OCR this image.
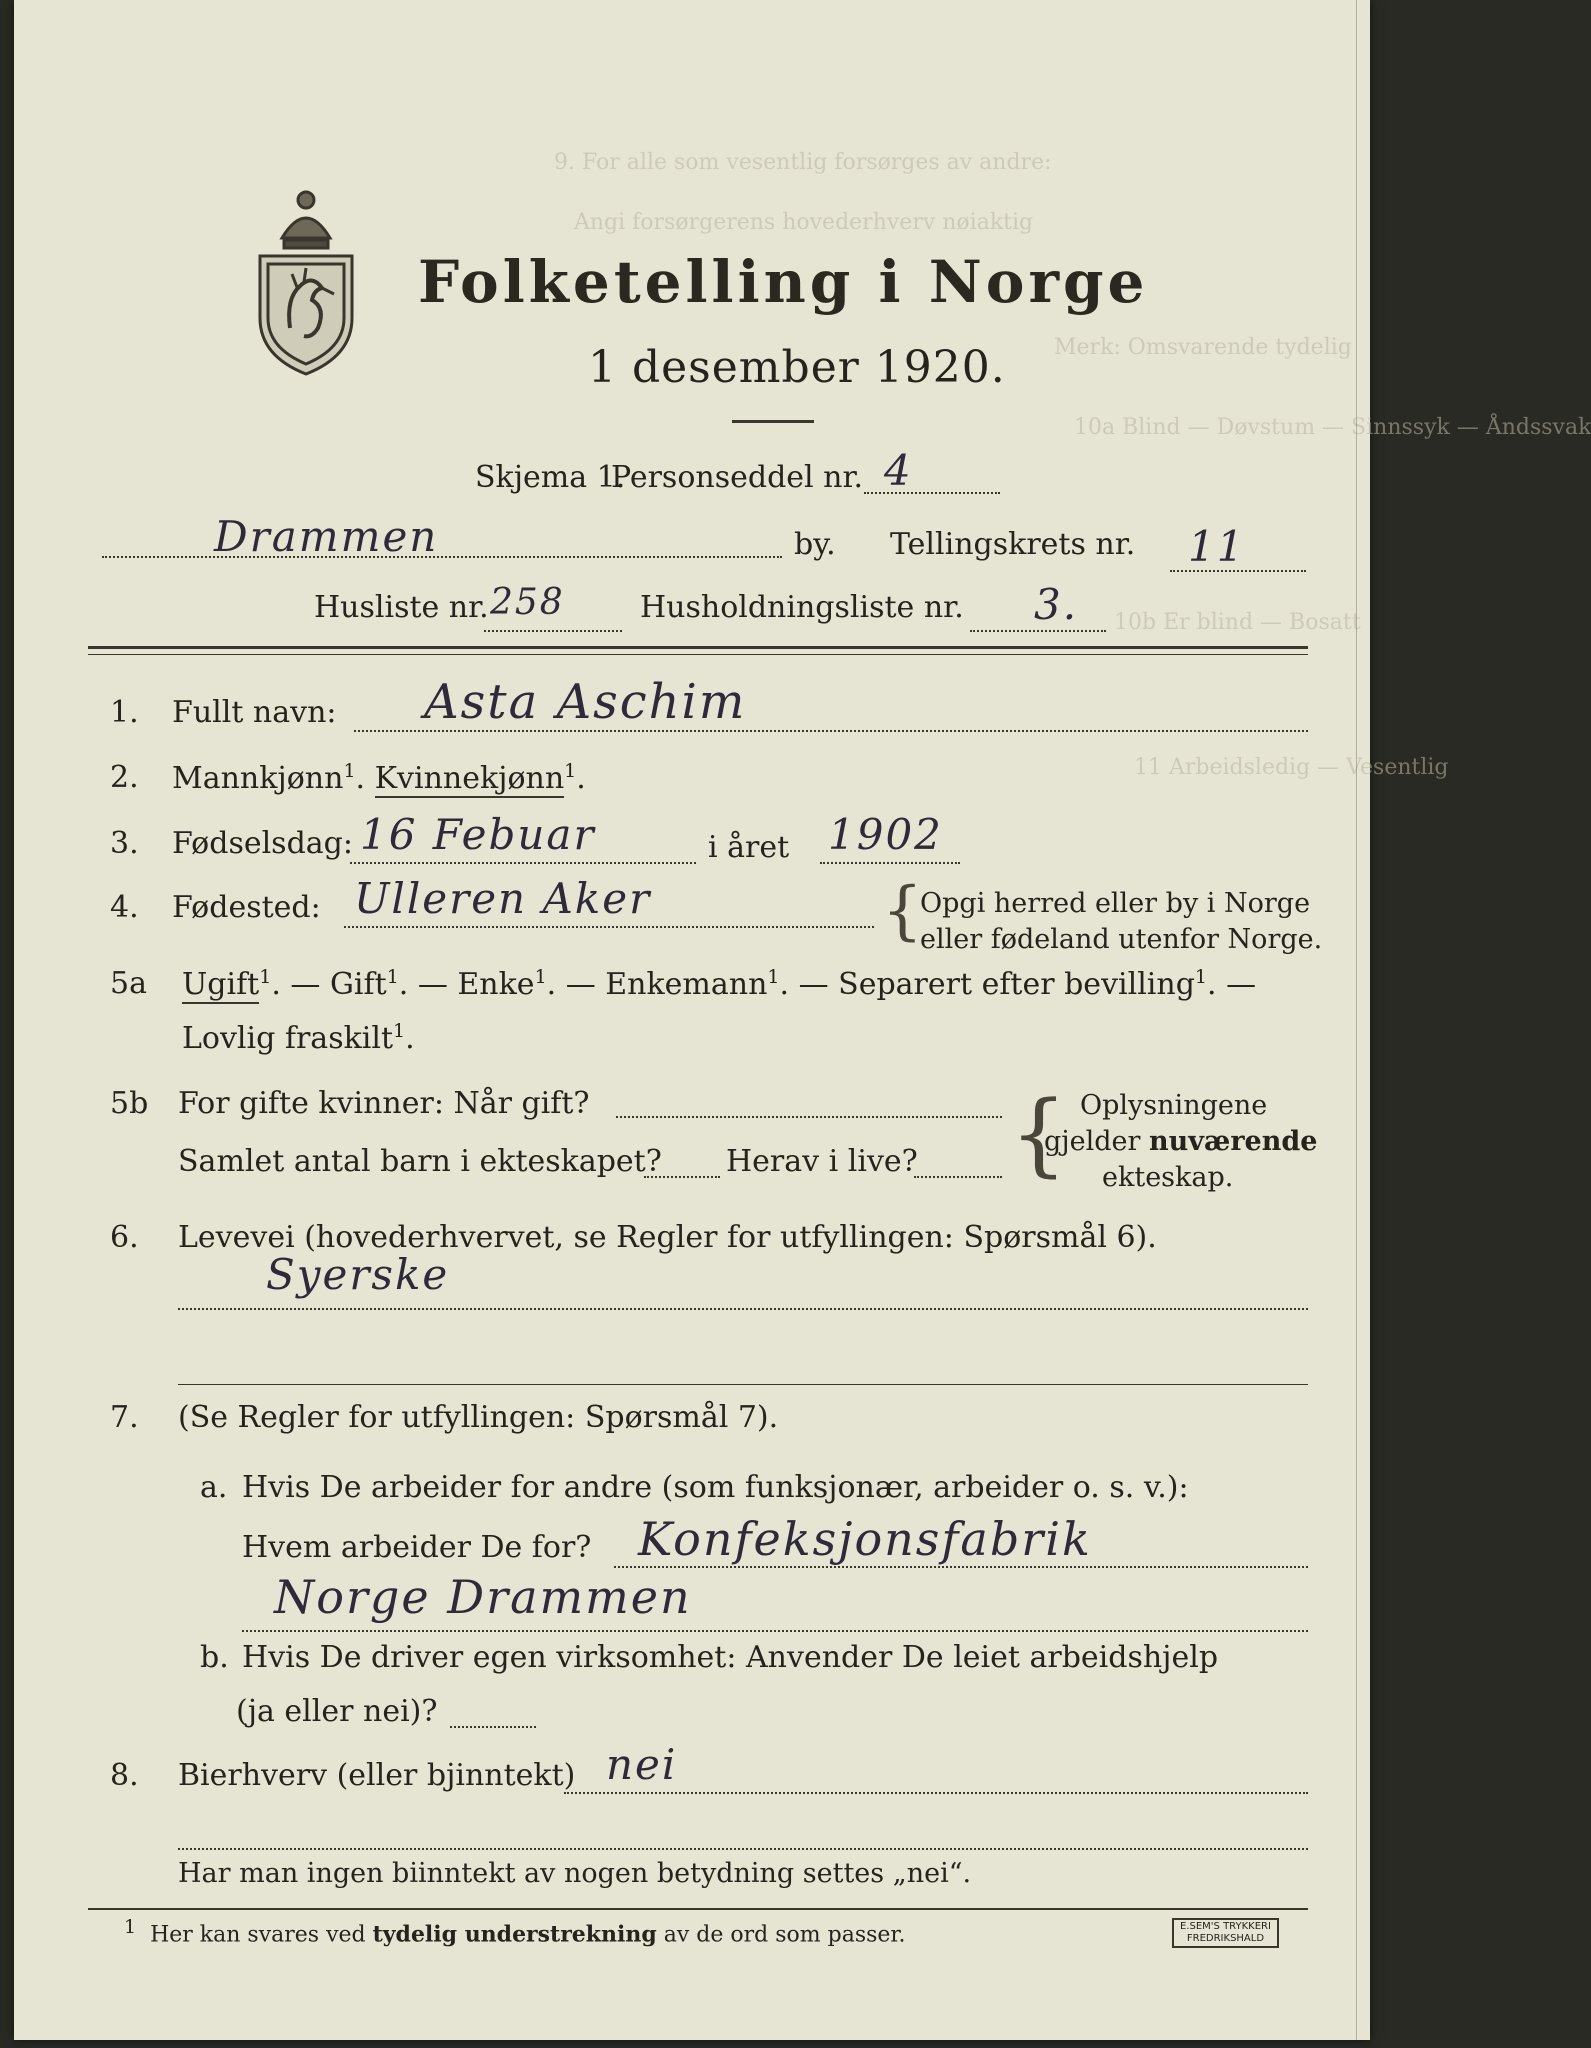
9. For alle som vesentlig forsørges av andre:
Angi forsørgerens hovederhverv nøiaktig
Merk: Omsvarende tydelig
10a Blind — Døvstum — Sinnssyk — Åndssvak
10b Er blind — Bosatt
11 Arbeidsledig — Vesentlig
Folketelling i Norge
1 desember 1920.
Skjema 1.
Personseddel nr. 4
Drammen	by. Tellingskrets nr. 11
Husliste nr. 258	Husholdningsliste nr. 3.
1. Fullt navn: Asta Aschim
2. Mannkjønn$^1$. Kvinnekjønn$^1$.
3. Fødselsdag: 16 Febuar	i året 1902
4. Fødested: Ulleren Aker	{
Opgi herred eller by i Norge
eller fødeland utenfor Norge.
5a Ugift$^1$. — Gift$^1$. — Enke$^1$. — Enkemann$^1$. — Separert efter bevilling$^1$. —
Lovlig fraskilt$^1$.
5b For gifte kvinner: Når gift?
Samlet antal barn i ekteskapet? Herav i live? { Oplysningene
gjelder nuværende
ekteskap.
6. Levevei (hovederhvervet, se Regler for utfyllingen: Spørsmål 6).
Syerske
7. (Se Regler for utfyllingen: Spørsmål 7).
a. Hvis De arbeider for andre (som funksjonær, arbeider o. s. v.):
Hvem arbeider De for? Konfeksjonsfabrik
Norge Drammen
b. Hvis De driver egen virksomhet: Anvender De leiet arbeidshjelp
(ja eller nei)?
8. Bierhverv (eller bjinntekt) nei
Har man ingen biinntekt av nogen betydning settes „nei“.
$^1$ Her kan svares ved tydelig understrekning av de ord som passer.	E.SEM'S TRYKKERI
FREDRIKSHALD
